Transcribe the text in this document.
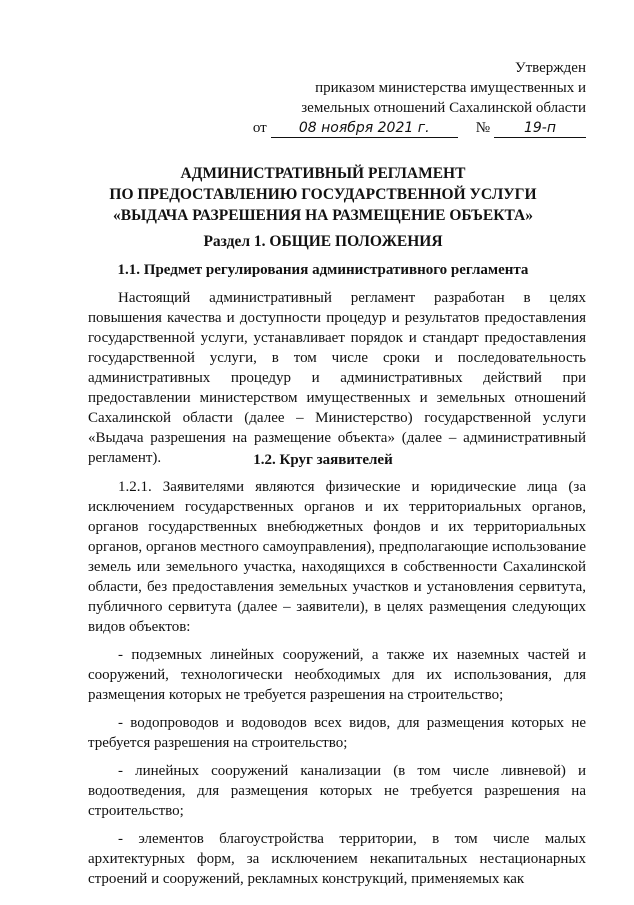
Утвержден
приказом министерства имущественных и
земельных отношений Сахалинской области
от	08 ноября 2021 г.	№	19-п
АДМИНИСТРАТИВНЫЙ РЕГЛАМЕНТ
ПО ПРЕДОСТАВЛЕНИЮ ГОСУДАРСТВЕННОЙ УСЛУГИ
«ВЫДАЧА РАЗРЕШЕНИЯ НА РАЗМЕЩЕНИЕ ОБЪЕКТА»
Раздел 1. ОБЩИЕ ПОЛОЖЕНИЯ
1.1. Предмет регулирования административного регламента

Настоящий административный регламент разработан в целях повышения качества и доступности процедур и результатов предоставления государственной услуги, устанавливает порядок и стандарт предоставления государственной услуги, в том числе сроки и последовательность административных процедур и административных действий при предоставлении министерством имущественных и земельных отношений Сахалинской области (далее – Министерство) государственной услуги «Выдача разрешения на размещение объекта» (далее – административный регламент).	1.2. Круг заявителей

1.2.1. Заявителями являются физические и юридические лица (за исключением государственных органов и их территориальных органов, органов государственных внебюджетных фондов и их территориальных органов, органов местного самоуправления), предполагающие использование земель или земельного участка, находящихся в собственности Сахалинской области, без предоставления земельных участков и установления сервитута, публичного сервитута (далее – заявители), в целях размещения следующих видов объектов:

- подземных линейных сооружений, а также их наземных частей и сооружений, технологически необходимых для их использования, для размещения которых не требуется разрешения на строительство;

- водопроводов и водоводов всех видов, для размещения которых не требуется разрешения на строительство;

- линейных сооружений канализации (в том числе ливневой) и водоотведения, для размещения которых не требуется разрешения на строительство;

- элементов благоустройства территории, в том числе малых архитектурных форм, за исключением некапитальных нестационарных строений и сооружений, рекламных конструкций, применяемых как
